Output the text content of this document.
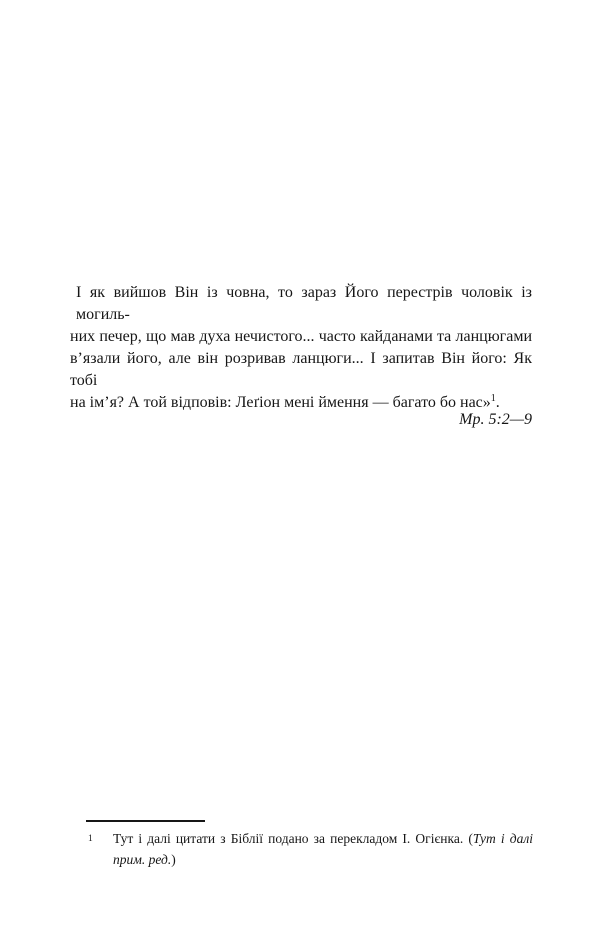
І як вийшов Він із човна, то зараз Його перестрів чоловік із могиль-

них печер, що мав духа нечистого... часто кайданами та ланцюгами

в’язали його, але він розривав ланцюги... І запитав Він його: Як тобі

на ім’я? А той відповів: Леґіон мені ймення — багато бо нас»$^1$.

Мр. 5:2—9

1	Тут і далі цитати з Біблії подано за перекладом І. Огієнка. (Тут і далі

прим. ред.)
